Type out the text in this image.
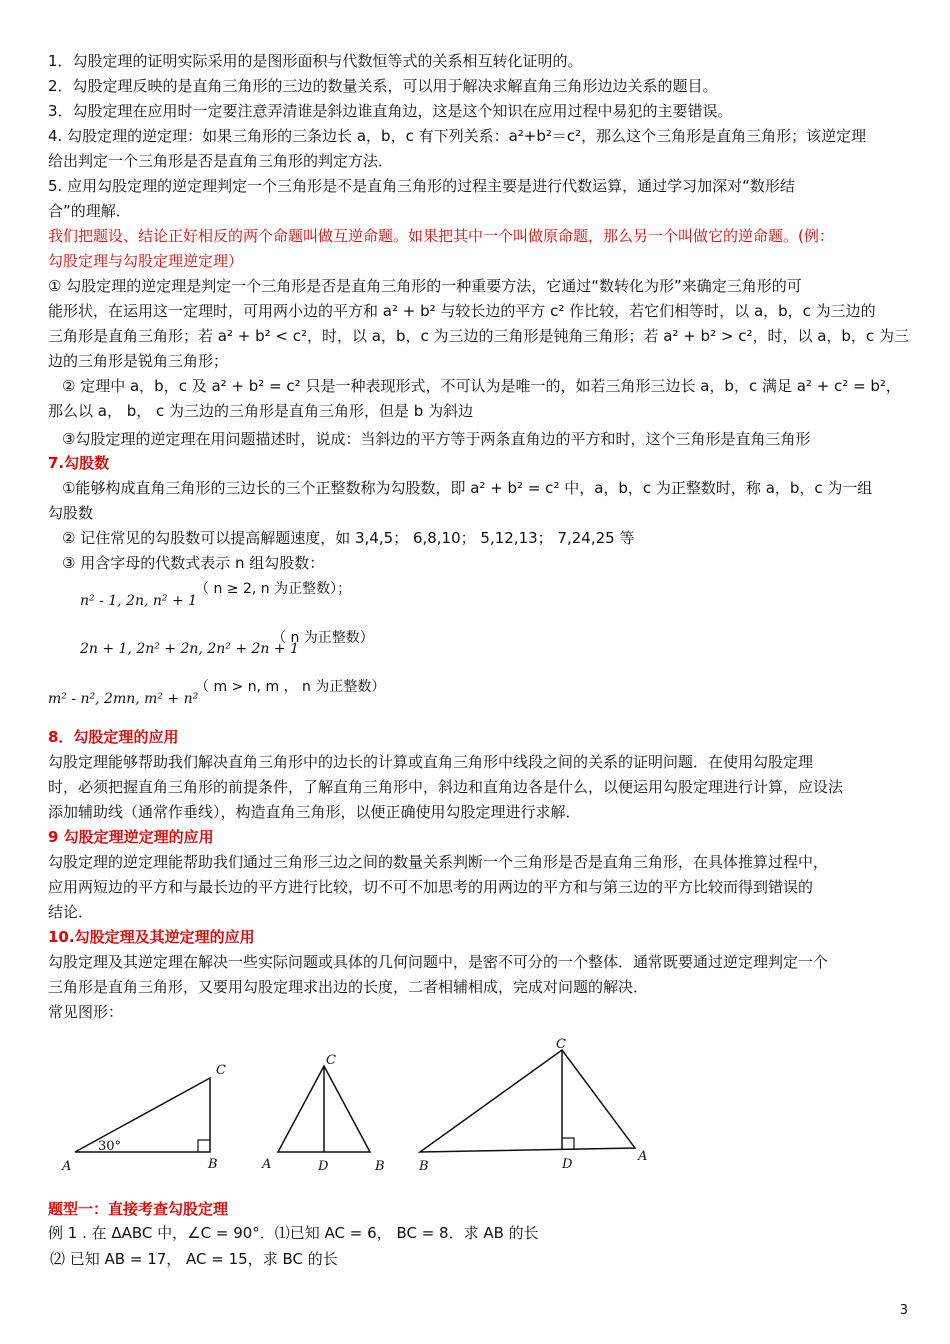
1．勾股定理的证明实际采用的是图形面积与代数恒等式的关系相互转化证明的。
2．勾股定理反映的是直角三角形的三边的数量关系，可以用于解决求解直角三角形边边关系的题目。
3．勾股定理在应用时一定要注意弄清谁是斜边谁直角边，这是这个知识在应用过程中易犯的主要错误。
4. 勾股定理的逆定理：如果三角形的三条边长 a，b，c 有下列关系：a²+b²＝c²，那么这个三角形是直角三角形；该逆定理
给出判定一个三角形是否是直角三角形的判定方法．
5. 应用勾股定理的逆定理判定一个三角形是不是直角三角形的过程主要是进行代数运算，通过学习加深对“数形结
合”的理解．
我们把题设、结论正好相反的两个命题叫做互逆命题。如果把其中一个叫做原命题，那么另一个叫做它的逆命题。(例：
勾股定理与勾股定理逆定理）
① 勾股定理的逆定理是判定一个三角形是否是直角三角形的一种重要方法，它通过“数转化为形”来确定三角形的可
能形状，在运用这一定理时，可用两小边的平方和 a² + b² 与较长边的平方 c² 作比较，若它们相等时，以 a，b，c 为三边的
三角形是直角三角形；若 a² + b² < c²，时，以 a，b，c 为三边的三角形是钝角三角形；若 a² + b² > c²，时，以 a，b，c 为三
边的三角形是锐角三角形；
② 定理中 a，b，c 及 a² + b² = c² 只是一种表现形式，不可认为是唯一的，如若三角形三边长 a，b，c 满足 a² + c² = b²，
那么以 a， b， c 为三边的三角形是直角三角形，但是 b 为斜边
③勾股定理的逆定理在用问题描述时，说成：当斜边的平方等于两条直角边的平方和时，这个三角形是直角三角形
7.勾股数
①能够构成直角三角形的三边长的三个正整数称为勾股数，即 a² + b² = c² 中，a，b，c 为正整数时，称 a，b，c 为一组
勾股数
② 记住常见的勾股数可以提高解题速度，如 3,4,5； 6,8,10； 5,12,13； 7,24,25 等
③ 用含字母的代数式表示 n 组勾股数：
n² - 1, 2n, n² + 1
（ n ≥ 2, n 为正整数）；
2n + 1, 2n² + 2n, 2n² + 2n + 1
（ n 为正整数）
m² - n², 2mn, m² + n²
（ m > n, m ， n 为正整数）
8．勾股定理的应用
勾股定理能够帮助我们解决直角三角形中的边长的计算或直角三角形中线段之间的关系的证明问题．在使用勾股定理
时，必须把握直角三角形的前提条件，了解直角三角形中，斜边和直角边各是什么，以便运用勾股定理进行计算，应设法
添加辅助线（通常作垂线），构造直角三角形，以便正确使用勾股定理进行求解．
9 勾股定理逆定理的应用
勾股定理的逆定理能帮助我们通过三角形三边之间的数量关系判断一个三角形是否是直角三角形，在具体推算过程中，
应用两短边的平方和与最长边的平方进行比较，切不可不加思考的用两边的平方和与第三边的平方比较而得到错误的
结论．
10.勾股定理及其逆定理的应用
勾股定理及其逆定理在解决一些实际问题或具体的几何问题中，是密不可分的一个整体．通常既要通过逆定理判定一个
三角形是直角三角形，又要用勾股定理求出边的长度，二者相辅相成，完成对问题的解决．
常见图形：
A	B
C
30°
A	B
C
D	B
A
C
D
题型一：直接考查勾股定理
例 1 . 在 ΔABC 中，∠C = 90°．⑴已知 AC = 6， BC = 8．求 AB 的长
⑵ 已知 AB = 17， AC = 15，求 BC 的长
3
